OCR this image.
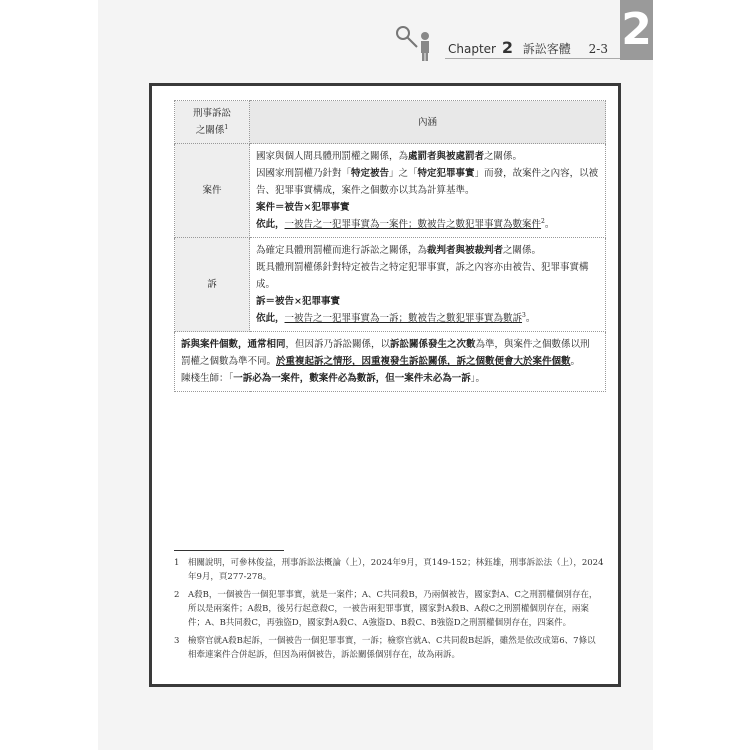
Chapter 2 訴訟客體 2-3 2
刑事訴訟
之關係$^1$	內涵
案件	國家與個人間具體刑罰權之關係，為處罰者與被處罰者之關係。

因國家刑罰權乃針對「特定被告」之「特定犯罪事實」而發，故案件之內容，以被告、犯罪事實構成，案件之個數亦以其為計算基準。

案件＝被告×犯罪事實

依此，一被告之一犯罪事實為一案件；數被告之數犯罪事實為數案件$^2$。

訴	為確定具體刑罰權而進行訴訟之關係，為裁判者與被裁判者之關係。

既具體刑罰權係針對特定被告之特定犯罪事實，訴之內容亦由被告、犯罪事實構成。

訴＝被告×犯罪事實

依此，一被告之一犯罪事實為一訴；數被告之數犯罪事實為數訴$^3$。

訴與案件個數，通常相同，但因訴乃訴訟關係，以訴訟關係發生之次數為準，與案件之個數係以刑罰權之個數為準不同。於重複起訴之情形，因重複發生訴訟關係，訴之個數便會大於案件個數。

陳棧生師：「一訴必為一案件，數案件必為數訴，但一案件未必為一訴」。	

1	相關說明，可參林俊益，刑事訴訟法概論（上），2024年9月，頁149-152；林鈺雄，刑事訴訟法（上），2024年9月，頁277-278。
2	A殺B，一個被告一個犯罪事實，就是一案件；A、C共同殺B，乃兩個被告，國家對A、C之刑罰權個別存在，所以是兩案件；A殺B，後另行起意殺C，一被告兩犯罪事實，國家對A殺B、A殺C之刑罰權個別存在，兩案件；A、B共同殺C，再強盜D，國家對A殺C、A強盜D、B殺C、B強盜D之刑罰權個別存在，四案件。
3	檢察官就A殺B起訴，一個被告一個犯罪事實，一訴；檢察官就A、C共同殺B起訴，雖然是依改成第6、7條以相牽連案件合併起訴，但因為兩個被告，訴訟關係個別存在，故為兩訴。
